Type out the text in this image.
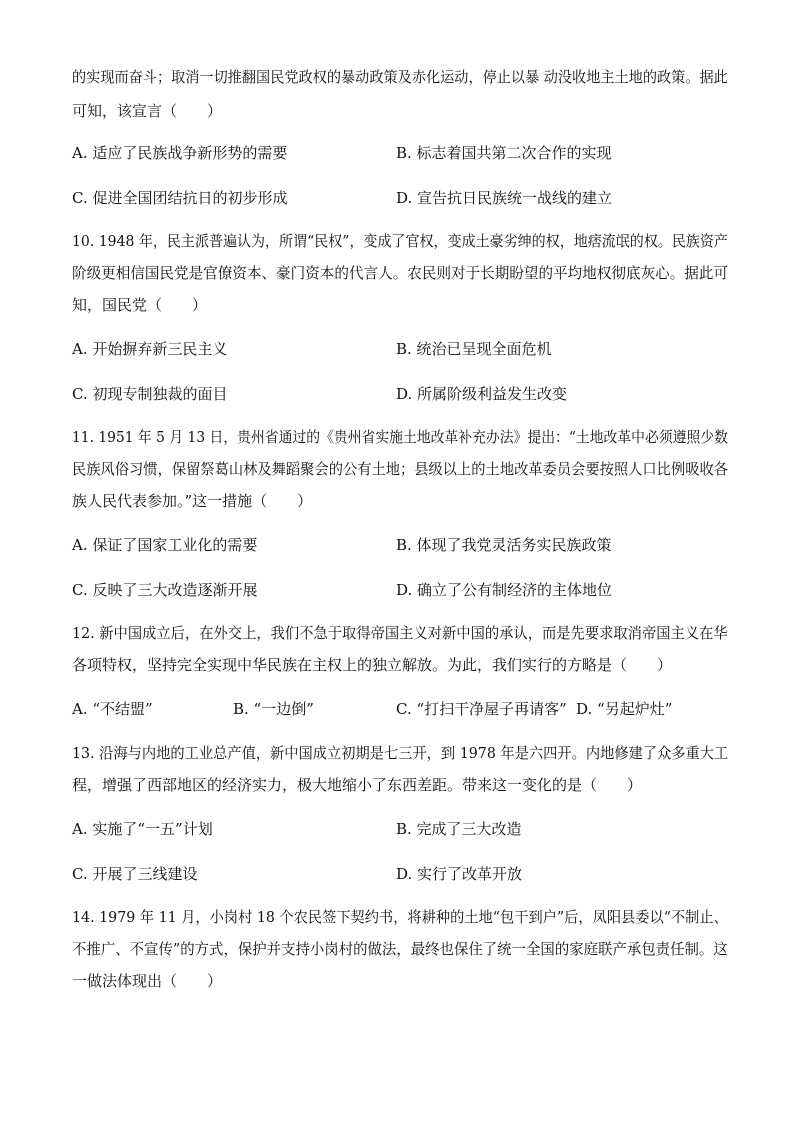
的实现而奋斗；取消一切推翻国民党政权的暴动政策及赤化运动，停止以暴 动没收地主土地的政策。据此
可知，该宣言（　　）
A. 适应了民族战争新形势的需要	B. 标志着国共第二次合作的实现
C. 促进全国团结抗日的初步形成	D. 宣告抗日民族统一战线的建立
10. 1948 年，民主派普遍认为，所谓“民权”，变成了官权，变成土豪劣绅的权，地痞流氓的权。民族资产
阶级更相信国民党是官僚资本、豪门资本的代言人。农民则对于长期盼望的平均地权彻底灰心。据此可
知，国民党（　　）
A. 开始摒弃新三民主义	B. 统治已呈现全面危机
C. 初现专制独裁的面目	D. 所属阶级利益发生改变
11. 1951 年 5 月 13 日，贵州省通过的《贵州省实施土地改革补充办法》提出：“土地改革中必须遵照少数
民族风俗习惯，保留祭葛山林及舞蹈聚会的公有土地；县级以上的土地改革委员会要按照人口比例吸收各
族人民代表参加。”这一措施（　　）
A. 保证了国家工业化的需要	B. 体现了我党灵活务实民族政策
C. 反映了三大改造逐渐开展	D. 确立了公有制经济的主体地位
12. 新中国成立后，在外交上，我们不急于取得帝国主义对新中国的承认，而是先要求取消帝国主义在华
各项特权，坚持完全实现中华民族在主权上的独立解放。为此，我们实行的方略是（　　）
A. “不结盟”	B. “一边倒”	C. “打扫干净屋子再请客” D. “另起炉灶”
13. 沿海与内地的工业总产值，新中国成立初期是七三开，到 1978 年是六四开。内地修建了众多重大工
程，增强了西部地区的经济实力，极大地缩小了东西差距。带来这一变化的是（　　）
A. 实施了“一五”计划	B. 完成了三大改造
C. 开展了三线建设	D. 实行了改革开放
14. 1979 年 11 月，小岗村 18 个农民签下契约书，将耕种的土地“包干到户”后，凤阳县委以“不制止、
不推广、不宣传”的方式，保护并支持小岗村的做法，最终也保住了统一全国的家庭联产承包责任制。这
一做法体现出（　　）
